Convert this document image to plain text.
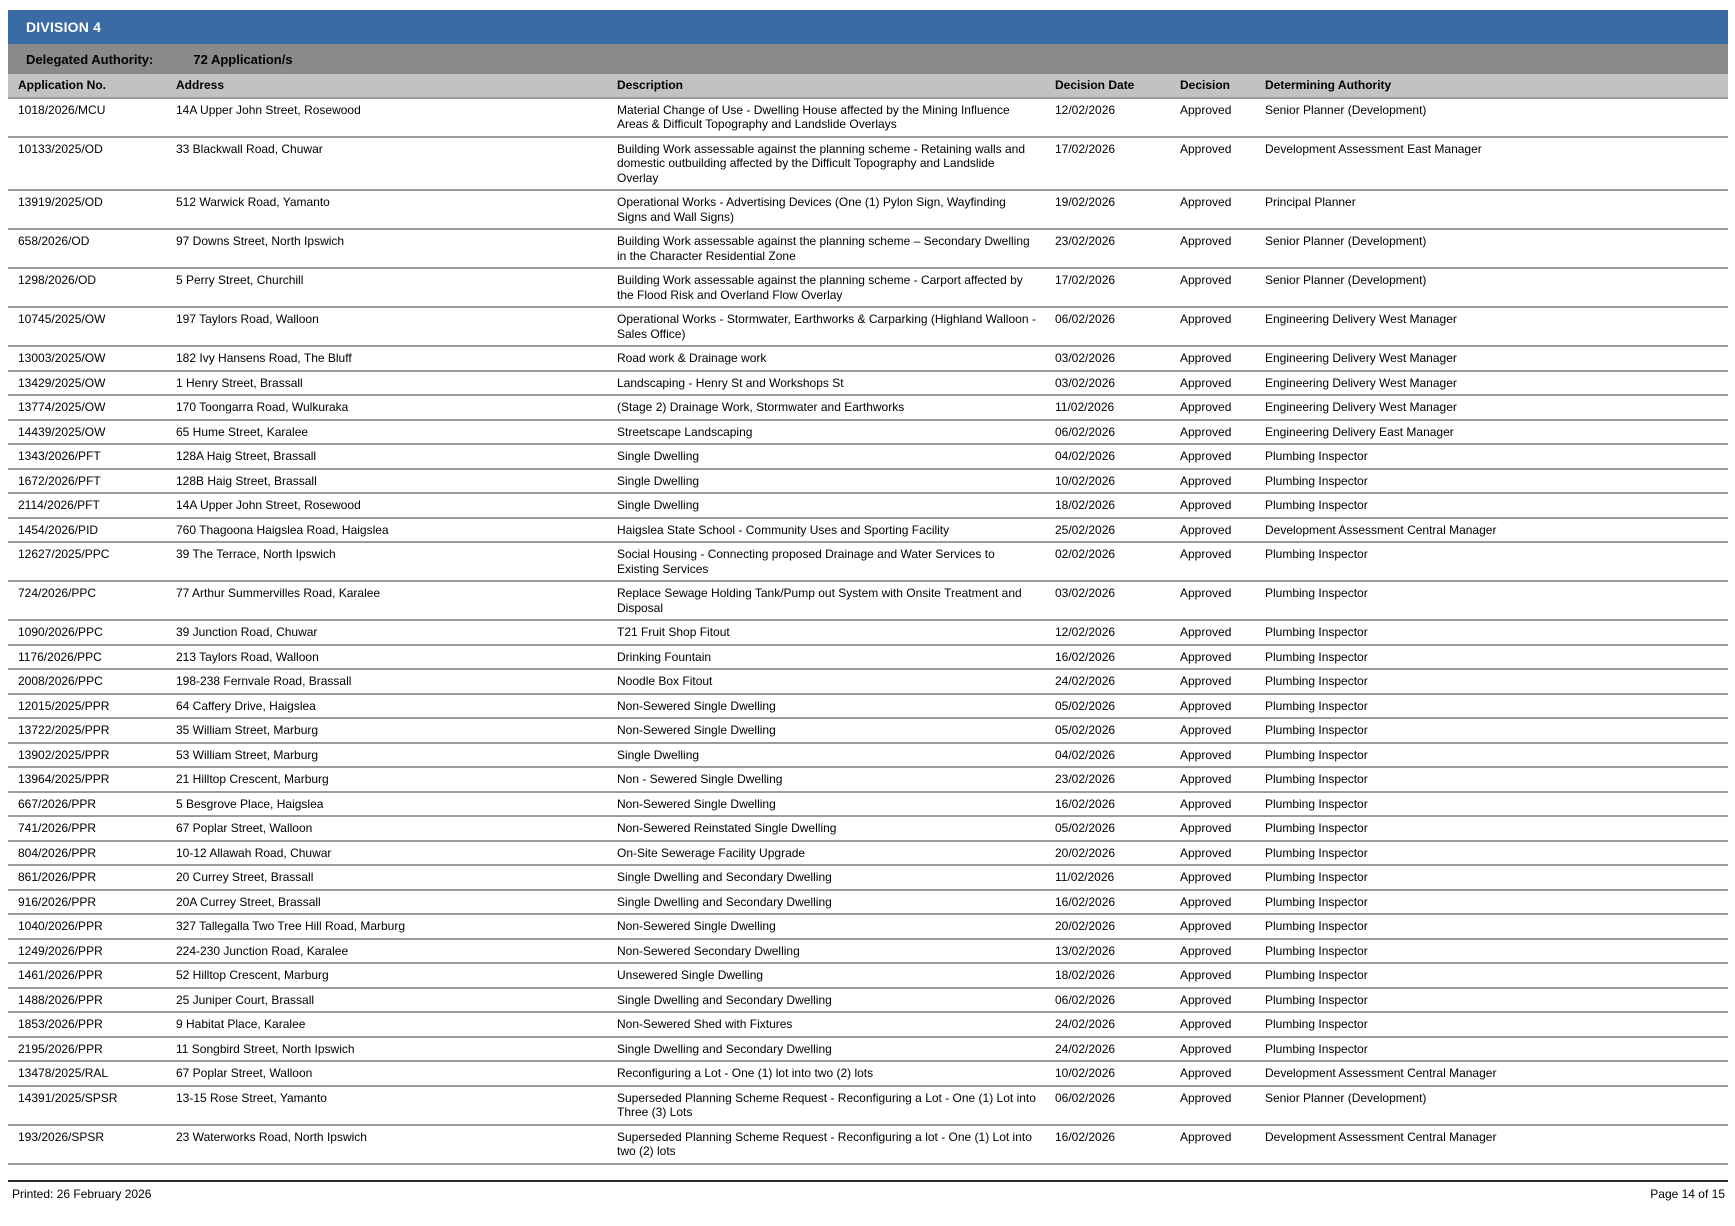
DIVISION 4
Delegated Authority:	72 Application/s
Application No.	Address	Description	Decision Date	Decision	Determining Authority
1018/2026/MCU	14A Upper John Street, Rosewood	Material Change of Use - Dwelling House affected by the Mining Influence Areas & Difficult Topography and Landslide Overlays	12/02/2026	Approved	Senior Planner (Development)
10133/2025/OD	33 Blackwall Road, Chuwar	Building Work assessable against the planning scheme - Retaining walls and domestic outbuilding affected by the Difficult Topography and Landslide Overlay	17/02/2026	Approved	Development Assessment East Manager
13919/2025/OD	512 Warwick Road, Yamanto	Operational Works - Advertising Devices (One (1) Pylon Sign, Wayfinding Signs and Wall Signs)	19/02/2026	Approved	Principal Planner
658/2026/OD	97 Downs Street, North Ipswich	Building Work assessable against the planning scheme – Secondary Dwelling in the Character Residential Zone	23/02/2026	Approved	Senior Planner (Development)
1298/2026/OD	5 Perry Street, Churchill	Building Work assessable against the planning scheme - Carport affected by the Flood Risk and Overland Flow Overlay	17/02/2026	Approved	Senior Planner (Development)
10745/2025/OW	197 Taylors Road, Walloon	Operational Works - Stormwater, Earthworks & Carparking (Highland Walloon - Sales Office)	06/02/2026	Approved	Engineering Delivery West Manager
13003/2025/OW	182 Ivy Hansens Road, The Bluff	Road work & Drainage work	03/02/2026	Approved	Engineering Delivery West Manager
13429/2025/OW	1 Henry Street, Brassall	Landscaping - Henry St and Workshops St	03/02/2026	Approved	Engineering Delivery West Manager
13774/2025/OW	170 Toongarra Road, Wulkuraka	(Stage 2) Drainage Work, Stormwater and Earthworks	11/02/2026	Approved	Engineering Delivery West Manager
14439/2025/OW	65 Hume Street, Karalee	Streetscape Landscaping	06/02/2026	Approved	Engineering Delivery East Manager
1343/2026/PFT	128A Haig Street, Brassall	Single Dwelling	04/02/2026	Approved	Plumbing Inspector
1672/2026/PFT	128B Haig Street, Brassall	Single Dwelling	10/02/2026	Approved	Plumbing Inspector
2114/2026/PFT	14A Upper John Street, Rosewood	Single Dwelling	18/02/2026	Approved	Plumbing Inspector
1454/2026/PID	760 Thagoona Haigslea Road, Haigslea	Haigslea State School - Community Uses and Sporting Facility	25/02/2026	Approved	Development Assessment Central Manager
12627/2025/PPC	39 The Terrace, North Ipswich	Social Housing - Connecting proposed Drainage and Water Services to Existing Services	02/02/2026	Approved	Plumbing Inspector
724/2026/PPC	77 Arthur Summervilles Road, Karalee	Replace Sewage Holding Tank/Pump out System with Onsite Treatment and Disposal	03/02/2026	Approved	Plumbing Inspector
1090/2026/PPC	39 Junction Road, Chuwar	T21 Fruit Shop Fitout	12/02/2026	Approved	Plumbing Inspector
1176/2026/PPC	213 Taylors Road, Walloon	Drinking Fountain	16/02/2026	Approved	Plumbing Inspector
2008/2026/PPC	198-238 Fernvale Road, Brassall	Noodle Box Fitout	24/02/2026	Approved	Plumbing Inspector
12015/2025/PPR	64 Caffery Drive, Haigslea	Non-Sewered Single Dwelling	05/02/2026	Approved	Plumbing Inspector
13722/2025/PPR	35 William Street, Marburg	Non-Sewered Single Dwelling	05/02/2026	Approved	Plumbing Inspector
13902/2025/PPR	53 William Street, Marburg	Single Dwelling	04/02/2026	Approved	Plumbing Inspector
13964/2025/PPR	21 Hilltop Crescent, Marburg	Non - Sewered Single Dwelling	23/02/2026	Approved	Plumbing Inspector
667/2026/PPR	5 Besgrove Place, Haigslea	Non-Sewered Single Dwelling	16/02/2026	Approved	Plumbing Inspector
741/2026/PPR	67 Poplar Street, Walloon	Non-Sewered Reinstated Single Dwelling	05/02/2026	Approved	Plumbing Inspector
804/2026/PPR	10-12 Allawah Road, Chuwar	On-Site Sewerage Facility Upgrade	20/02/2026	Approved	Plumbing Inspector
861/2026/PPR	20 Currey Street, Brassall	Single Dwelling and Secondary Dwelling	11/02/2026	Approved	Plumbing Inspector
916/2026/PPR	20A Currey Street, Brassall	Single Dwelling and Secondary Dwelling	16/02/2026	Approved	Plumbing Inspector
1040/2026/PPR	327 Tallegalla Two Tree Hill Road, Marburg	Non-Sewered Single Dwelling	20/02/2026	Approved	Plumbing Inspector
1249/2026/PPR	224-230 Junction Road, Karalee	Non-Sewered Secondary Dwelling	13/02/2026	Approved	Plumbing Inspector
1461/2026/PPR	52 Hilltop Crescent, Marburg	Unsewered Single Dwelling	18/02/2026	Approved	Plumbing Inspector
1488/2026/PPR	25 Juniper Court, Brassall	Single Dwelling and Secondary Dwelling	06/02/2026	Approved	Plumbing Inspector
1853/2026/PPR	9 Habitat Place, Karalee	Non-Sewered Shed with Fixtures	24/02/2026	Approved	Plumbing Inspector
2195/2026/PPR	11 Songbird Street, North Ipswich	Single Dwelling and Secondary Dwelling	24/02/2026	Approved	Plumbing Inspector
13478/2025/RAL	67 Poplar Street, Walloon	Reconfiguring a Lot - One (1) lot into two (2) lots	10/02/2026	Approved	Development Assessment Central Manager
14391/2025/SPSR	13-15 Rose Street, Yamanto	Superseded Planning Scheme Request - Reconfiguring a Lot - One (1) Lot into Three (3) Lots	06/02/2026	Approved	Senior Planner (Development)
193/2026/SPSR	23 Waterworks Road, North Ipswich	Superseded Planning Scheme Request - Reconfiguring a lot - One (1) Lot into two (2) lots	16/02/2026	Approved	Development Assessment Central Manager
Printed: 26 February 2026	Page 14 of 15
